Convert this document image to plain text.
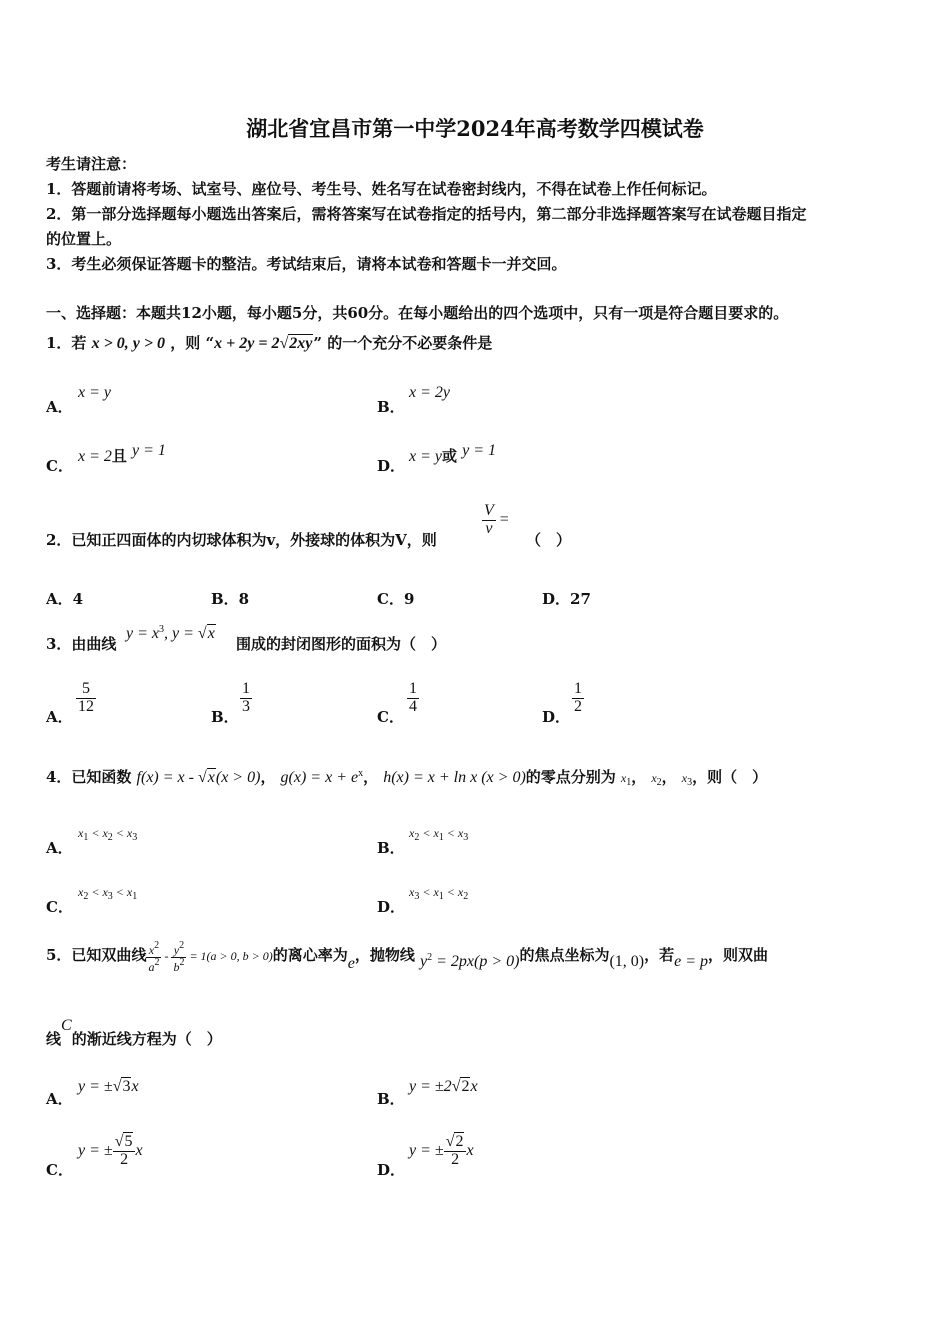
湖北省宜昌市第一中学2024年高考数学四模试卷
考生请注意：
1．答题前请将考场、试室号、座位号、考生号、姓名写在试卷密封线内，不得在试卷上作任何标记。
2．第一部分选择题每小题选出答案后，需将答案写在试卷指定的括号内，第二部分非选择题答案写在试卷题目指定
的位置上。
3．考生必须保证答题卡的整洁。考试结束后，请将本试卷和答题卡一并交回。
一、选择题：本题共12小题，每小题5分，共60分。在每小题给出的四个选项中，只有一项是符合题目要求的。
1．若 x > 0, y > 0 ，则 “x + 2y = 2√2xy” 的一个充分不必要条件是
A．
x = y
B．
x = 2y
C．
x = 2且 y = 1
D．
x = y或 y = 1
2．已知正四面体的内切球体积为v，外接球的体积为V，则
$\frac{V}{v}$ =
（　）
A．4	B．8	C．9	D．27
3．由曲线
$y = x^3$, y = √x
围成的封闭图形的面积为（　）
A．
$\frac{5}{12}$
B．
$\frac{1}{3}$
C．
$\frac{1}{4}$
D．
$\frac{1}{2}$
4．已知函数 f(x) = x - √x(x > 0)， $g(x) = x + e^x$， h(x) = x + ln x (x > 0)的零点分别为 $x_1$， $x_2$， $x_3$，则（　）
A．
$x_1 < x_2 < x_3$
B．
$x_2 < x_1 < x_3$
C．
$x_2 < x_3 < x_1$
D．
$x_3 < x_1 < x_2$
5．已知双曲线 $\frac{x^2}{a^2} - \frac{y^2}{b^2} = 1(a > 0$, b > 0)的离心率为e，抛物线 $y^2 = 2px(p > 0)$的焦点坐标为(1, 0)，若e = p，则双曲
线C的渐近线方程为（　）
A．
y = ±√3x
B．
y = ±2√2x
C．
y = ± $\frac{√5}{2}$ x
D．
y = ± $\frac{√2}{2}$ x
